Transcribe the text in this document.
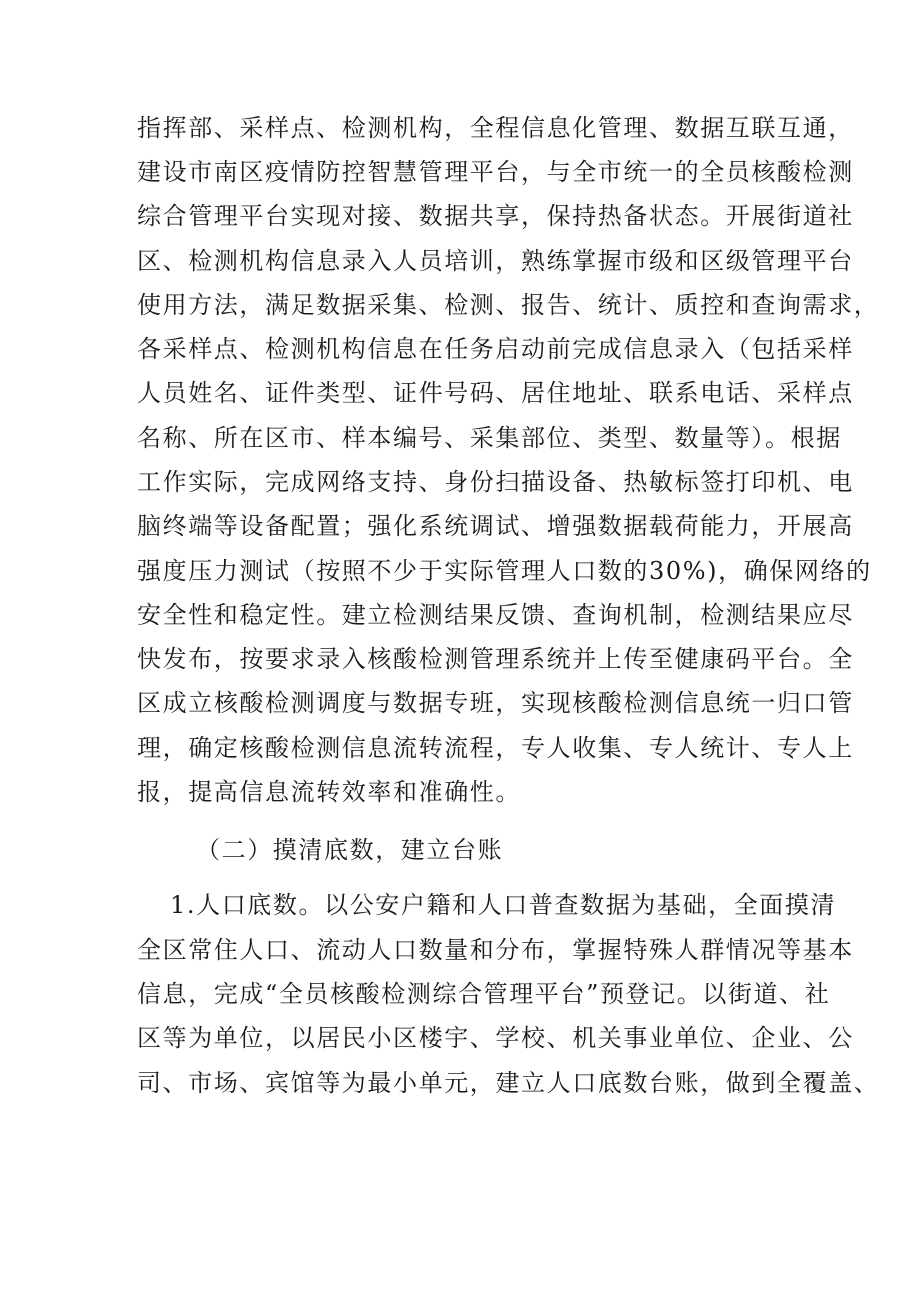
指挥部、采样点、检测机构，全程信息化管理、数据互联互通，
建设市南区疫情防控智慧管理平台，与全市统一的全员核酸检测
综合管理平台实现对接、数据共享，保持热备状态。开展街道社
区、检测机构信息录入人员培训，熟练掌握市级和区级管理平台
使用方法，满足数据采集、检测、报告、统计、质控和查询需求，
各采样点、检测机构信息在任务启动前完成信息录入（包括采样
人员姓名、证件类型、证件号码、居住地址、联系电话、采样点
名称、所在区市、样本编号、采集部位、类型、数量等）。根据
工作实际，完成网络支持、身份扫描设备、热敏标签打印机、电
脑终端等设备配置；强化系统调试、增强数据载荷能力，开展高
强度压力测试（按照不少于实际管理人口数的30%)，确保网络的
安全性和稳定性。建立检测结果反馈、查询机制，检测结果应尽
快发布，按要求录入核酸检测管理系统并上传至健康码平台。全
区成立核酸检测调度与数据专班，实现核酸检测信息统一归口管
理，确定核酸检测信息流转流程，专人收集、专人统计、专人上
报，提高信息流转效率和准确性。
（二）摸清底数，建立台账
1.人口底数。以公安户籍和人口普查数据为基础，全面摸清
全区常住人口、流动人口数量和分布，掌握特殊人群情况等基本
信息，完成“全员核酸检测综合管理平台”预登记。以街道、社
区等为单位，以居民小区楼宇、学校、机关事业单位、企业、公
司、市场、宾馆等为最小单元，建立人口底数台账，做到全覆盖、
